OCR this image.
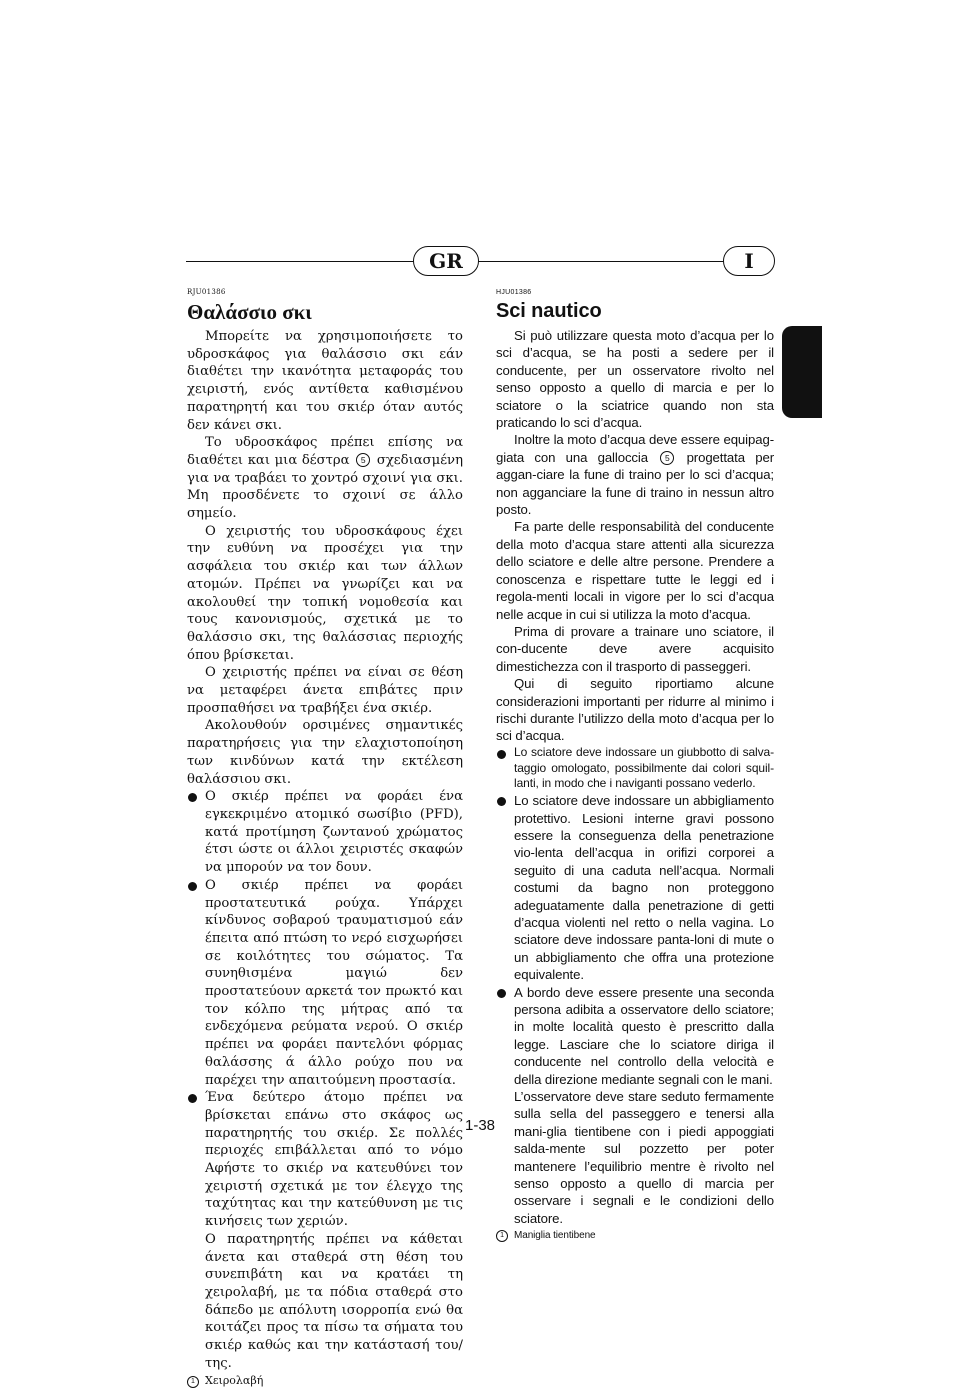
GR	I
RJU01386
Θαλάσσιο σκι

Μπορείτε να χρησιμοποιήσετε το υδροσκάφος για θαλάσσιο σκι εάν διαθέτει την ικανότητα μεταφοράς του χειριστή, ενός αντίθετα καθισμένου παρατηρητή και του σκιέρ όταν αυτός δεν κάνει σκι.

Το υδροσκάφος πρέπει επίσης να διαθέτει και μια δέστρα 5 σχεδιασμένη για να τραβάει το χοντρό σχοινί για σκι. Μη προσδένετε το σχοινί σε άλλο σημείο.

Ο χειριστής του υδροσκάφους έχει την ευθύνη να προσέχει για την ασφάλεια του σκιέρ και των άλλων ατομών. Πρέπει να γνωρίζει και να ακολουθεί την τοπική νομοθεσία και τους κανονισμούς, σχετικά με το θαλάσσιο σκι, της θαλάσσιας περιοχής όπου βρίσκεται.

Ο χειριστής πρέπει να είναι σε θέση να μεταφέρει άνετα επιβάτες πριν προσπαθήσει να τραβήξει ένα σκιέρ.

Ακολουθούν ορσιμένες σημαντικές παρατηρήσεις για την ελαχιστοποίηση των κινδύνων κατά την εκτέλεση θαλάσσιου σκι.

Ο σκιέρ πρέπει να φοράει ένα εγκεκριμένο ατομικό σωσίβιο (PFD), κατά προτίμηση ζωντανού χρώματος έτσι ώστε οι άλλοι χειριστές σκαφών να μπορούν να τον δουν.
Ο σκιέρ πρέπει να φοράει προστατευτικά ρούχα. Υπάρχει κίνδυνος σοβαρού τραυματισμού εάν έπειτα από πτώση το νερό εισχωρήσει σε κοιλότητες του σώματος. Τα συνηθισμένα μαγιώ δεν προστατεύουν αρκετά τον πρωκτό και τον κόλπο της μήτρας από τα ενδεχόμενα ρεύματα νερού. Ο σκιέρ πρέπει να φοράει παντελόνι φόρμας θαλάσσης ά άλλο ρούχο που να παρέχει την απαιτούμενη προστασία.
Ένα δεύτερο άτομο πρέπει να βρίσκεται επάνω στο σκάφος ως παρατηρητής του σκιέρ. Σε πολλές περιοχές επιβάλλεται από το νόμο Αφήστε το σκιέρ να κατευθύνει τον χειριστή σχετικά με τον έλεγχο της ταχύτητας και την κατεύθυνση με τις κινήσεις των χεριών.
Ο παρατηρητής πρέπει να κάθεται άνετα και σταθερά στη θέση του συνεπιβάτη και να κρατάει τη χειρολαβή, με τα πόδια σταθερά στο δάπεδο με απόλυτη ισορροπία ενώ θα κοιτάζει προς τα πίσω τα σήματα του σκιέρ καθώς και την κατάστασή του/της.
1 Χειρολαβή
HJU01386
Sci nautico

Si può utilizzare questa moto d’acqua per lo sci d’acqua, se ha posti a sedere per il conducente, per un osservatore rivolto nel senso opposto a quello di marcia e per lo sciatore o la sciatrice quando non sta praticando lo sci d’acqua.

Inoltre la moto d’acqua deve essere equipag-giata con una galloccia 5 progettata per aggan-ciare la fune di traino per lo sci d’acqua; non agganciare la fune di traino in nessun altro posto.

Fa parte delle responsabilità del conducente della moto d’acqua stare attenti alla sicurezza dello sciatore e delle altre persone. Prendere a conoscenza e rispettare tutte le leggi ed i regola-menti locali in vigore per lo sci d’acqua nelle acque in cui si utilizza la moto d’acqua.

Prima di provare a trainare uno sciatore, il con-ducente deve avere acquisito dimestichezza con il trasporto di passeggeri.

Qui di seguito riportiamo alcune considerazioni importanti per ridurre al minimo i rischi durante l’utilizzo della moto d’acqua per lo sci d’acqua.

Lo sciatore deve indossare un giubbotto di salva-taggio omologato, possibilmente dai colori squil-lanti, in modo che i naviganti possano vederlo.
Lo sciatore deve indossare un abbigliamento protettivo. Lesioni interne gravi possono essere la conseguenza della penetrazione vio-lenta dell’acqua in orifizi corporei a seguito di una caduta nell’acqua. Normali costumi da bagno non proteggono adeguatamente dalla penetrazione di getti d’acqua violenti nel retto o nella vagina. Lo sciatore deve indossare panta-loni di mute o un abbigliamento che offra una protezione equivalente.
A bordo deve essere presente una seconda persona adibita a osservatore dello sciatore; in molte località questo è prescritto dalla legge. Lasciare che lo sciatore diriga il conducente nel controllo della velocità e della direzione mediante segnali con le mani.
L’osservatore deve stare seduto fermamente sulla sella del passeggero e tenersi alla mani-glia tientibene con i piedi appoggiati salda-mente sul pozzetto per poter mantenere l’equilibrio mentre è rivolto nel senso opposto a quello di marcia per osservare i segnali e le condizioni dello sciatore.
1 Maniglia tientibene
1-38
